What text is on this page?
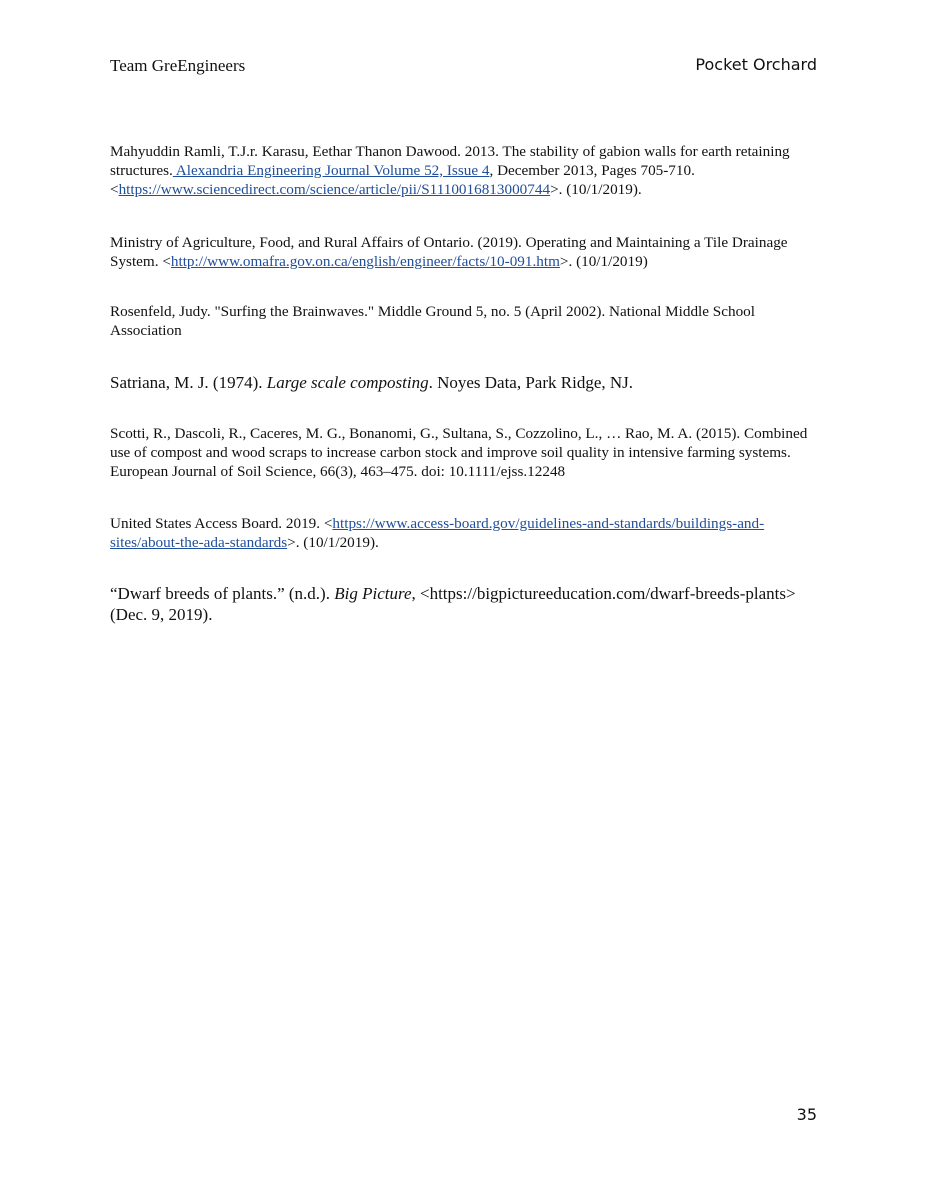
Team GreEngineers	Pocket Orchard

Mahyuddin Ramli, T.J.r. Karasu, Eethar Thanon Dawood. 2013. The stability of gabion walls for earth retaining structures. Alexandria Engineering Journal Volume 52, Issue 4, December 2013, Pages 705-710. <https://www.sciencedirect.com/science/article/pii/S1110016813000744>. (10/1/2019).

Ministry of Agriculture, Food, and Rural Affairs of Ontario. (2019). Operating and Maintaining a Tile Drainage System. <http://www.omafra.gov.on.ca/english/engineer/facts/10-091.htm>. (10/1/2019)

Rosenfeld, Judy. "Surfing the Brainwaves." Middle Ground 5, no. 5 (April 2002). National Middle School Association

Satriana, M. J. (1974). Large scale composting. Noyes Data, Park Ridge, NJ.

Scotti, R., Dascoli, R., Caceres, M. G., Bonanomi, G., Sultana, S., Cozzolino, L., … Rao, M. A. (2015). Combined use of compost and wood scraps to increase carbon stock and improve soil quality in intensive farming systems. European Journal of Soil Science, 66(3), 463–475. doi: 10.1111/ejss.12248

United States Access Board. 2019. <https://www.access-board.gov/guidelines-and-standards/buildings-and-sites/about-the-ada-standards>. (10/1/2019).

“Dwarf breeds of plants.” (n.d.). Big Picture, <https://bigpictureeducation.com/dwarf-breeds-plants> (Dec. 9, 2019).

35
